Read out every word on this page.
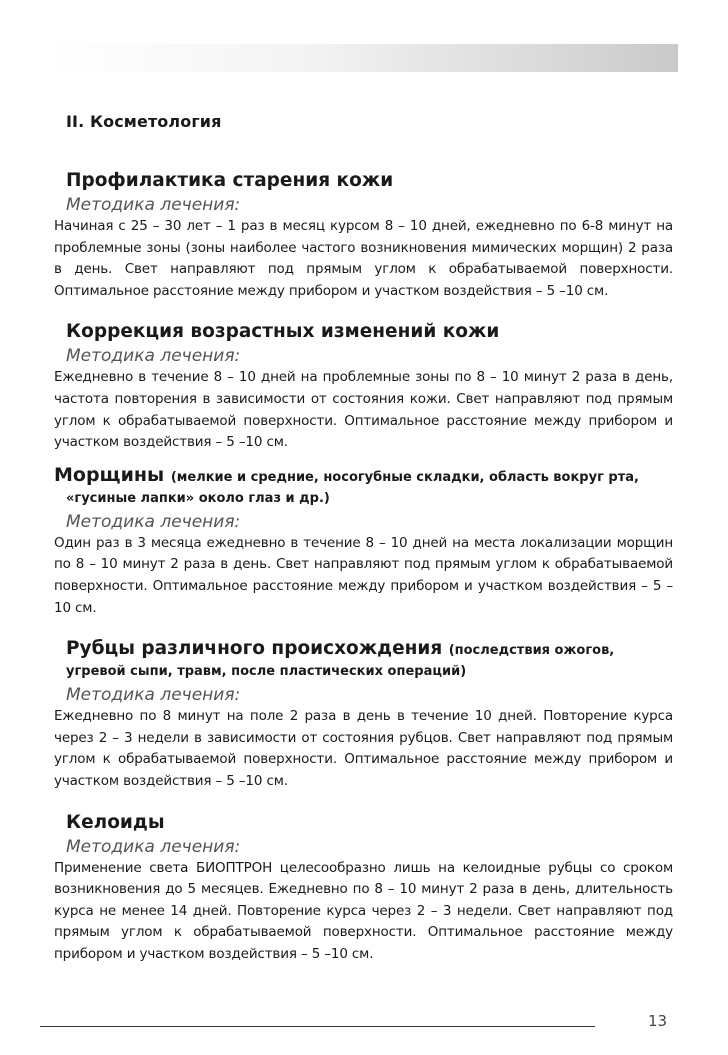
II. Косметология
Профилактика старения кожи
Методика лечения:

Начиная с 25 – 30 лет – 1 раз в месяц курсом 8 – 10 дней, ежедневно по 6-8 минут на проблемные зоны (зоны наиболее частого возникновения мимических морщин) 2 раза в день. Свет направляют под прямым углом к обрабатываемой поверхности. Оптимальное расстояние между прибором и участком воздействия – 5 –10 см.

Коррекция возрастных изменений кожи
Методика лечения:

Ежедневно в течение 8 – 10 дней на проблемные зоны по 8 – 10 минут 2 раза в день, частота повторения в зависимости от состояния кожи. Свет направляют под прямым углом к обрабатываемой поверхности. Оптимальное расстояние между прибором и участком воздействия – 5 –10 см.

Морщины (мелкие и средние, носогубные складки, область вокруг рта,
«гусиные лапки» около глаз и др.)
Методика лечения:

Один раз в 3 месяца ежедневно в течение 8 – 10 дней на места локализации морщин по 8 – 10 минут 2 раза в день. Свет направляют под прямым углом к обрабатываемой поверхности. Оптимальное расстояние между прибором и участком воздействия – 5 –10 см.

Рубцы различного происхождения (последствия ожогов,
угревой сыпи, травм, после пластических операций)
Методика лечения:

Ежедневно по 8 минут на поле 2 раза в день в течение 10 дней. Повторение курса через 2 – 3 недели в зависимости от состояния рубцов. Свет направляют под прямым углом к обрабатываемой поверхности. Оптимальное расстояние между прибором и участком воздействия – 5 –10 см.

Келоиды
Методика лечения:

Применение света БИОПТРОН целесообразно лишь на келоидные рубцы со сроком возникновения до 5 месяцев. Ежедневно по 8 – 10 минут 2 раза в день, длительность курса не менее 14 дней. Повторение курса через 2 – 3 недели. Свет направляют под прямым углом к обрабатываемой поверхности. Оптимальное расстояние между прибором и участком воздействия – 5 –10 см.

13
